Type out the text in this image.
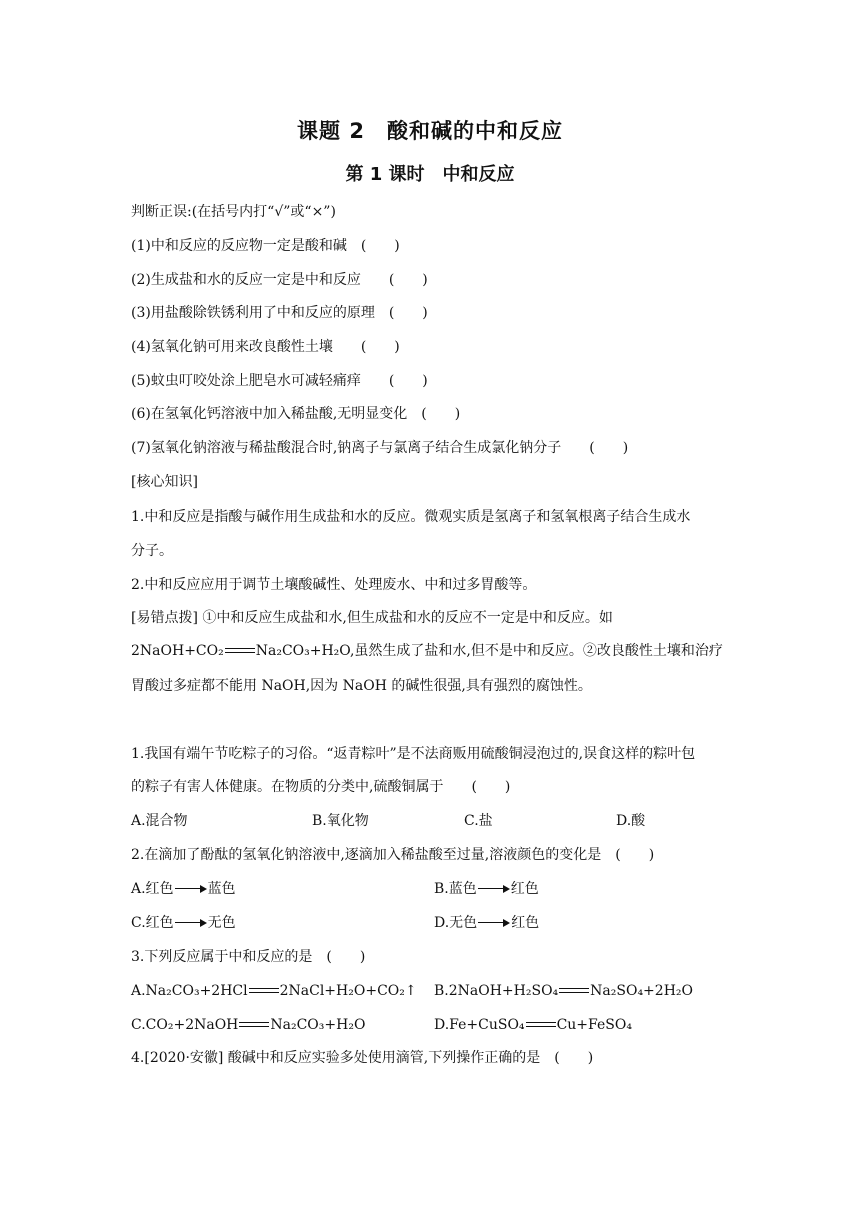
课题 2　酸和碱的中和反应
第 1 课时　中和反应
判断正误:(在括号内打“√”或“×”)
(1)中和反应的反应物一定是酸和碱　(　　)
(2)生成盐和水的反应一定是中和反应　　(　　)
(3)用盐酸除铁锈利用了中和反应的原理　(　　)
(4)氢氧化钠可用来改良酸性土壤　　(　　)
(5)蚊虫叮咬处涂上肥皂水可减轻痛痒　　(　　)
(6)在氢氧化钙溶液中加入稀盐酸,无明显变化　(　　)
(7)氢氧化钠溶液与稀盐酸混合时,钠离子与氯离子结合生成氯化钠分子　　(　　)
[核心知识]
1.中和反应是指酸与碱作用生成盐和水的反应。微观实质是氢离子和氢氧根离子结合生成水
分子。
2.中和反应应用于调节土壤酸碱性、处理废水、中和过多胃酸等。
[易错点拨] ①中和反应生成盐和水,但生成盐和水的反应不一定是中和反应。如
2NaOH+CO₂ Na₂CO₃+H₂O,虽然生成了盐和水,但不是中和反应。②改良酸性土壤和治疗
胃酸过多症都不能用 NaOH,因为 NaOH 的碱性很强,具有强烈的腐蚀性。
1.我国有端午节吃粽子的习俗。“返青粽叶”是不法商贩用硫酸铜浸泡过的,误食这样的粽叶包
的粽子有害人体健康。在物质的分类中,硫酸铜属于　　(　　)
A.混合物	B.氧化物	C.盐	D.酸
2.在滴加了酚酞的氢氧化钠溶液中,逐滴加入稀盐酸至过量,溶液颜色的变化是　(　　)
A.红色 蓝色	B.蓝色 红色
C.红色 无色	D.无色 红色
3.下列反应属于中和反应的是　(　　)
A.Na₂CO₃+2HCl 2NaCl+H₂O+CO₂↑ B.2NaOH+H₂SO₄ Na₂SO₄+2H₂O
C.CO₂+2NaOH Na₂CO₃+H₂O	D.Fe+CuSO₄ Cu+FeSO₄
4.[2020·安徽] 酸碱中和反应实验多处使用滴管,下列操作正确的是　(　　)
